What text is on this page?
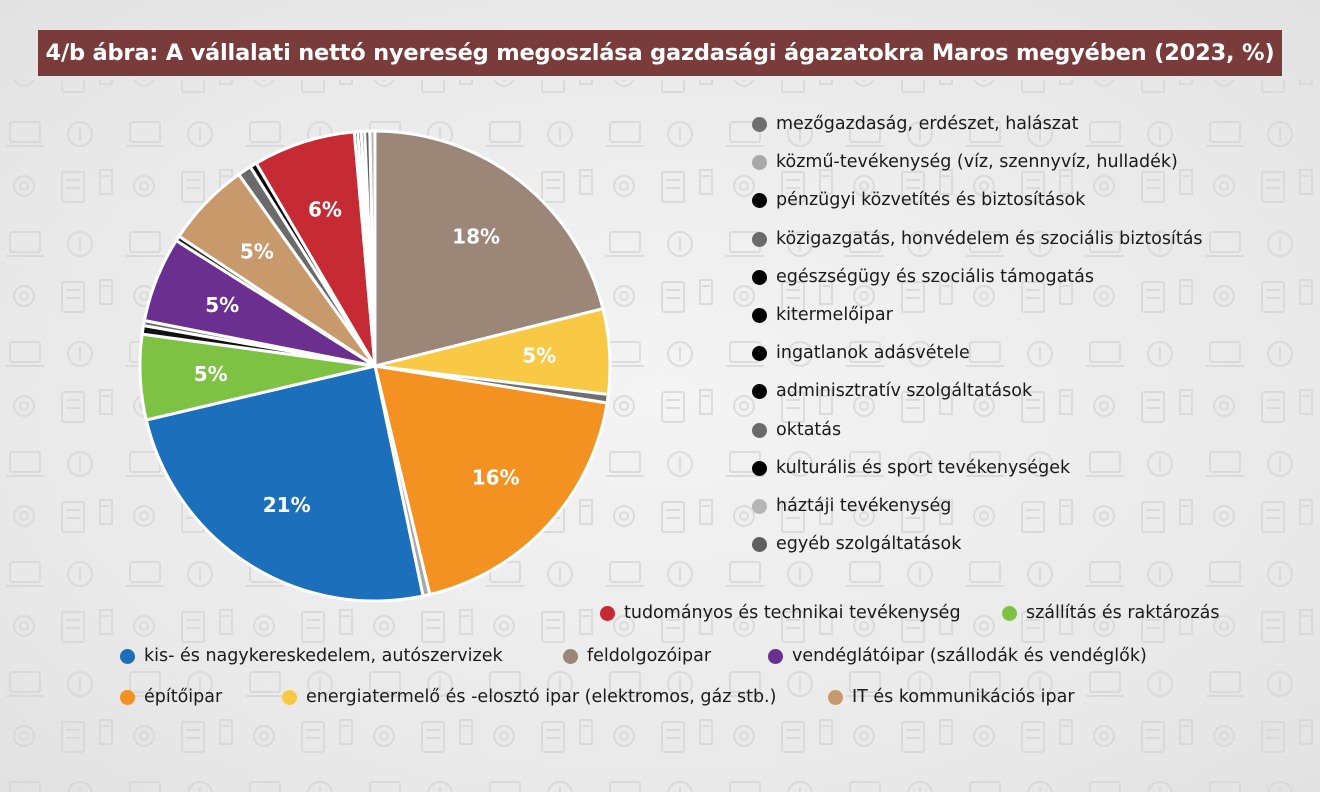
4/b ábra: A vállalati nettó nyereség megoszlása gazdasági ágazatokra Maros megyében (2023, %)
18%
5%
16%
21%
5%
5%
5%
6%
mezőgazdaság, erdészet, halászat
közmű-tevékenység (víz, szennyvíz, hulladék)
pénzügyi közvetítés és biztosítások
közigazgatás, honvédelem és szociális biztosítás
egészségügy és szociális támogatás
kitermelőipar
ingatlanok adásvétele
adminisztratív szolgáltatások
oktatás
kulturális és sport tevékenységek
háztáji tevékenység
egyéb szolgáltatások
tudományos és technikai tevékenység	szállítás és raktározás
kis- és nagykereskedelem, autószervizek	feldolgozóipar	vendéglátóipar (szállodák és vendéglők)
építőipar	energiatermelő és -elosztó ipar (elektromos, gáz stb.)	IT és kommunikációs ipar
